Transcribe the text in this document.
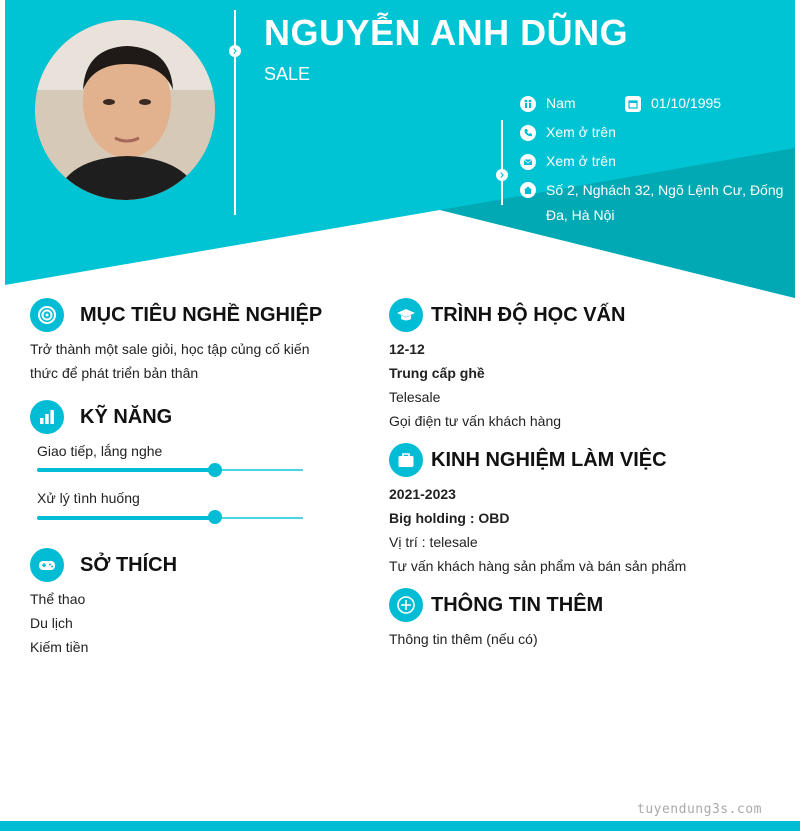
NGUYỄN ANH DŨNG
SALE
Nam	01/10/1995
Xem ở trên
Xem ở trên
Số 2, Nghách 32, Ngõ Lệnh Cư, Đống
Đa, Hà Nội
MỤC TIÊU NGHỀ NGHIỆP
Trở thành một sale giỏi, học tập củng cố kiến
thức để phát triển bản thân
KỸ NĂNG
Giao tiếp, lắng nghe
Xử lý tình huống
SỞ THÍCH
Thể thao
Du lịch
Kiếm tiền
TRÌNH ĐỘ HỌC VẤN
12-12
Trung cấp ghề
Telesale
Gọi điện tư vấn khách hàng
KINH NGHIỆM LÀM VIỆC
2021-2023
Big holding : OBD
Vị trí : telesale
Tư vấn khách hàng sản phẩm và bán sản phẩm
THÔNG TIN THÊM
Thông tin thêm (nếu có)
tuyendung3s.com
